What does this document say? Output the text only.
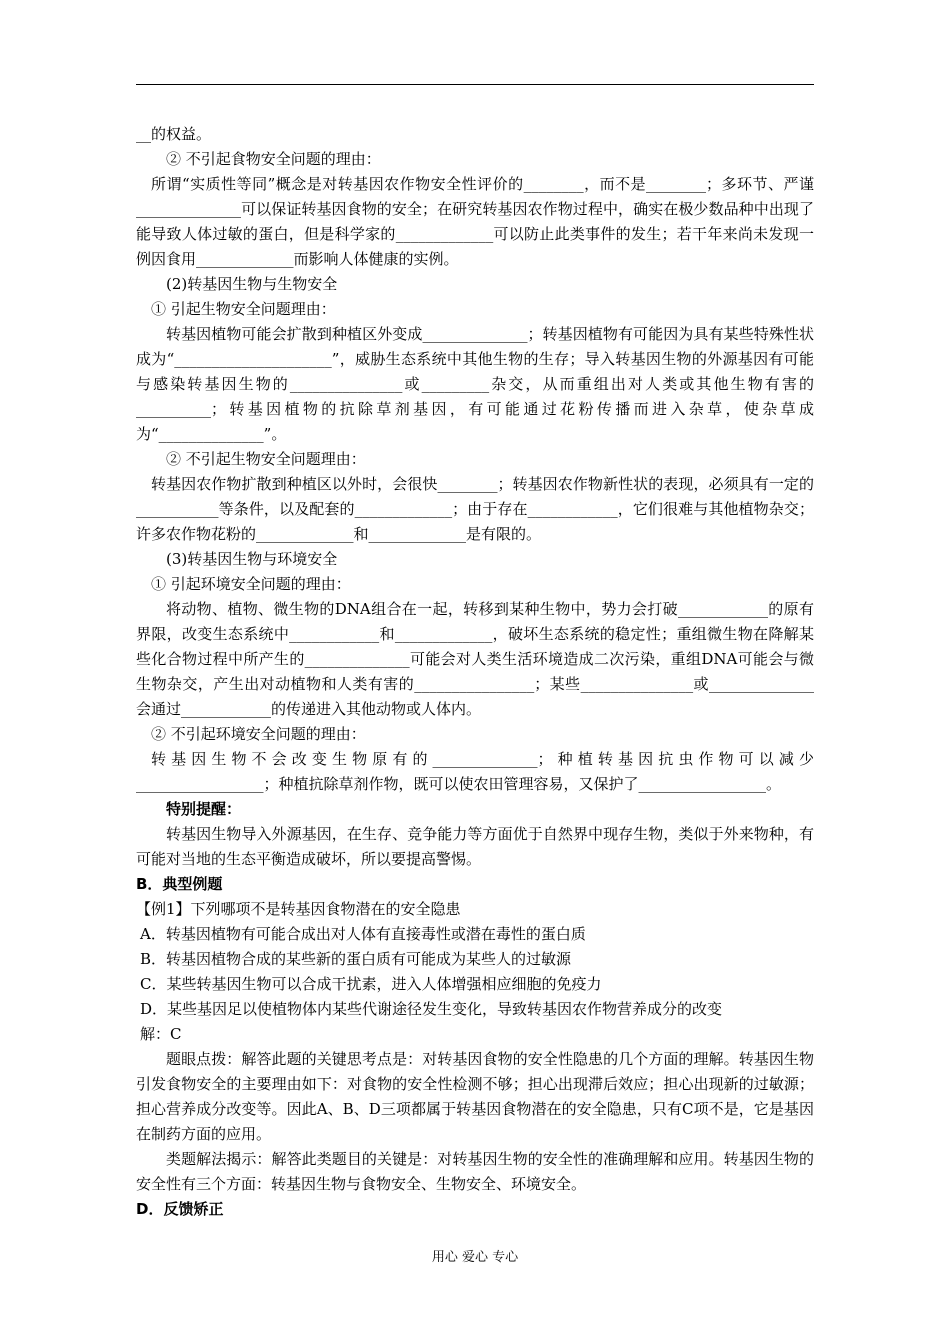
__的权益。

② 不引起食物安全问题的理由：

所谓“实质性等同”概念是对转基因农作物安全性评价的________，而不是________；多环节、严谨______________可以保证转基因食物的安全；在研究转基因农作物过程中，确实在极少数品种中出现了能导致人体过敏的蛋白，但是科学家的_____________可以防止此类事件的发生；若干年来尚未发现一例因食用_____________而影响人体健康的实例。

(2)转基因生物与生物安全

① 引起生物安全问题理由：

转基因植物可能会扩散到种植区外变成______________；转基因植物有可能因为具有某些特殊性状成为“_____________________”，威胁生态系统中其他生物的生存；导入转基因生物的外源基因有可能与感染转基因生物的_______________或_________杂交，从而重组出对人类或其他生物有害的__________；转基因植物的抗除草剂基因，有可能通过花粉传播而进入杂草，使杂草成为“______________”。

② 不引起生物安全问题理由：

转基因农作物扩散到种植区以外时，会很快________；转基因农作物新性状的表现，必须具有一定的___________等条件，以及配套的_____________；由于存在____________，它们很难与其他植物杂交；许多农作物花粉的_____________和_____________是有限的。

(3)转基因生物与环境安全

① 引起环境安全问题的理由：

将动物、植物、微生物的DNA组合在一起，转移到某种生物中，势力会打破____________的原有界限，改变生态系统中____________和_____________，破坏生态系统的稳定性；重组微生物在降解某些化合物过程中所产生的______________可能会对人类生活环境造成二次污染，重组DNA可能会与微生物杂交，产生出对动植物和人类有害的________________；某些_______________或______________会通过____________的传递进入其他动物或人体内。

② 不引起环境安全问题的理由：

转基因生物不会改变生物原有的______________；种植转基因抗虫作物可以减少_________________；种植抗除草剂作物，既可以使农田管理容易，又保护了_________________。

特别提醒：

转基因生物导入外源基因，在生存、竞争能力等方面优于自然界中现存生物，类似于外来物种，有可能对当地的生态平衡造成破坏，所以要提高警惕。

B．典型例题

【例1】下列哪项不是转基因食物潜在的安全隐患

A．转基因植物有可能合成出对人体有直接毒性或潜在毒性的蛋白质

B．转基因植物合成的某些新的蛋白质有可能成为某些人的过敏源

C．某些转基因生物可以合成干扰素，进入人体增强相应细胞的免疫力

D．某些基因足以使植物体内某些代谢途径发生变化，导致转基因农作物营养成分的改变

解：C

题眼点拨：解答此题的关键思考点是：对转基因食物的安全性隐患的几个方面的理解。转基因生物引发食物安全的主要理由如下：对食物的安全性检测不够；担心出现滞后效应；担心出现新的过敏源；担心营养成分改变等。因此A、B、D三项都属于转基因食物潜在的安全隐患，只有C项不是，它是基因在制药方面的应用。

类题解法揭示：解答此类题目的关键是：对转基因生物的安全性的准确理解和应用。转基因生物的安全性有三个方面：转基因生物与食物安全、生物安全、环境安全。

D．反馈矫正

用心 爱心 专心
